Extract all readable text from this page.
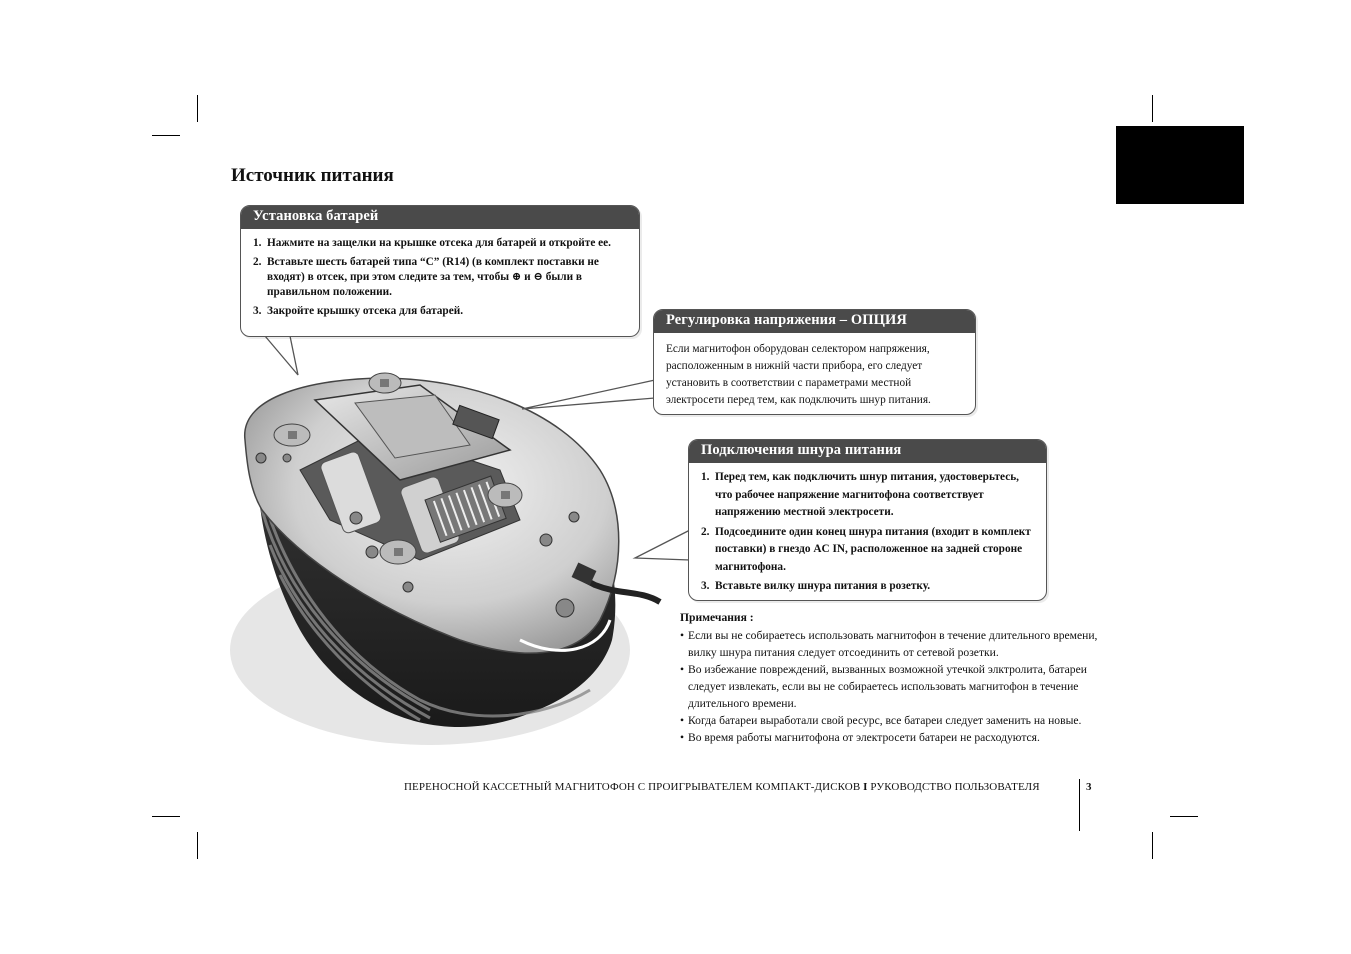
Источник питания
Установка батарей
1. Нажмите на защелки на крышке отсека для батарей и откройте ее.
2. Вставьте шесть батарей типа “C” (R14) (в комплект поставки не входят) в отсек, при этом следите за тем, чтобы ⊕ и ⊖ были в правильном положении.
3. Закройте крышку отсека для батарей.
Регулировка напряжения – ОПЦИЯ
Если магнитофон оборудован селектором напряжения, расположенным в нижній части прибора, его следует установить в соответствии с параметрами местной электросети перед тем, как подключить шнур питания.
Подключения шнура питания
1. Перед тем, как подключить шнур питания, удостоверьтесь, что рабочее напряжение магнитофона соответствует напряжению местной электросети.
2. Подсоедините один конец шнура питания (входит в комплект поставки) в гнездо AC IN, расположенное на задней стороне магнитофона.
3. Вставьте вилку шнура питания в розетку.
Примечания :
• Если вы не собираетесь использовать магнитофон в течение длительного времени, вилку шнура питания следует отсоединить от сетевой розетки.
• Во избежание повреждений, вызванных возможной утечкой элктролита, батареи следует извлекать, если вы не собираетесь использовать магнитофон в течение длительного времени.
• Когда батареи выработали свой ресурс, все батареи следует заменить на новые.
• Во время работы магнитофона от электросети батареи не расходуются.
ПЕРЕНОСНОЙ КАССЕТНЫЙ МАГНИТОФОН С ПРОИГРЫВАТЕЛЕМ КОМПАКТ-ДИСКОВ I РУКОВОДСТВО ПОЛЬЗОВАТЕЛЯ	3
